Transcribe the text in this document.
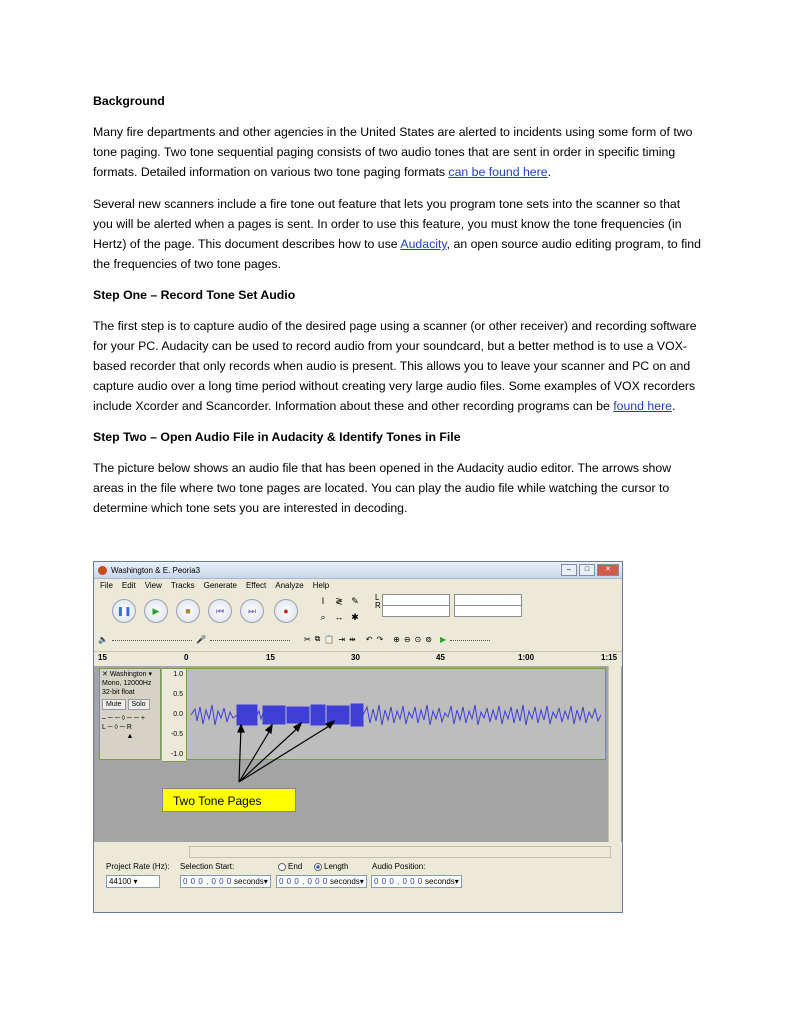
Background

Many fire departments and other agencies in the United States are alerted to incidents using some form of two tone paging. Two tone sequential paging consists of two audio tones that are sent in order in specific timing formats. Detailed information on various two tone paging formats can be found here.

Several new scanners include a fire tone out feature that lets you program tone sets into the scanner so that you will be alerted when a pages is sent. In order to use this feature, you must know the tone frequencies (in Hertz) of the page. This document describes how to use Audacity, an open source audio editing program, to find the frequencies of two tone pages.

Step One – Record Tone Set Audio

The first step is to capture audio of the desired page using a scanner (or other receiver) and recording software for your PC. Audacity can be used to record audio from your soundcard, but a better method is to use a VOX-based recorder that only records when audio is present. This allows you to leave your scanner and PC on and capture audio over a long time period without creating very large audio files. Some examples of VOX recorders include Xcorder and Scancorder. Information about these and other recording programs can be found here.

Step Two – Open Audio File in Audacity & Identify Tones in File

The picture below shows an audio file that has been opened in the Audacity audio editor. The arrows show areas in the file where two tone pages are located. You can play the audio file while watching the cursor to determine which tone sets you are interested in decoding.

Washington & E. Peoria3	–	□	✕
File Edit View Tracks Generate Effect Analyze Help
❚❚	▶	■	⏮	⏭	●
I	≷ ✎
⌕ ↔ ✱
L
R
🔈	🎤	✂ ⧉ 📋 ⇥ ⇹ ↶ ↷ ⊕ ⊖ ⊙ ⊚ ▶
15	0	15	30	45	1:00	1:15
✕ Washington ▾
Mono, 12000Hz
32-bit float
Mute Solo
– ─ ─ ◊ ─ ─ +
L ─ ◊ ─ R
▲
1.0
0.5
0.0
-0.5
-1.0
Two Tone Pages
Project Rate (Hz):
44100 ▾
Selection Start:
0 0 0 , 0 0 0 seconds▾
End	Length
0 0 0 , 0 0 0 seconds▾
Audio Position:
0 0 0 , 0 0 0 seconds▾
